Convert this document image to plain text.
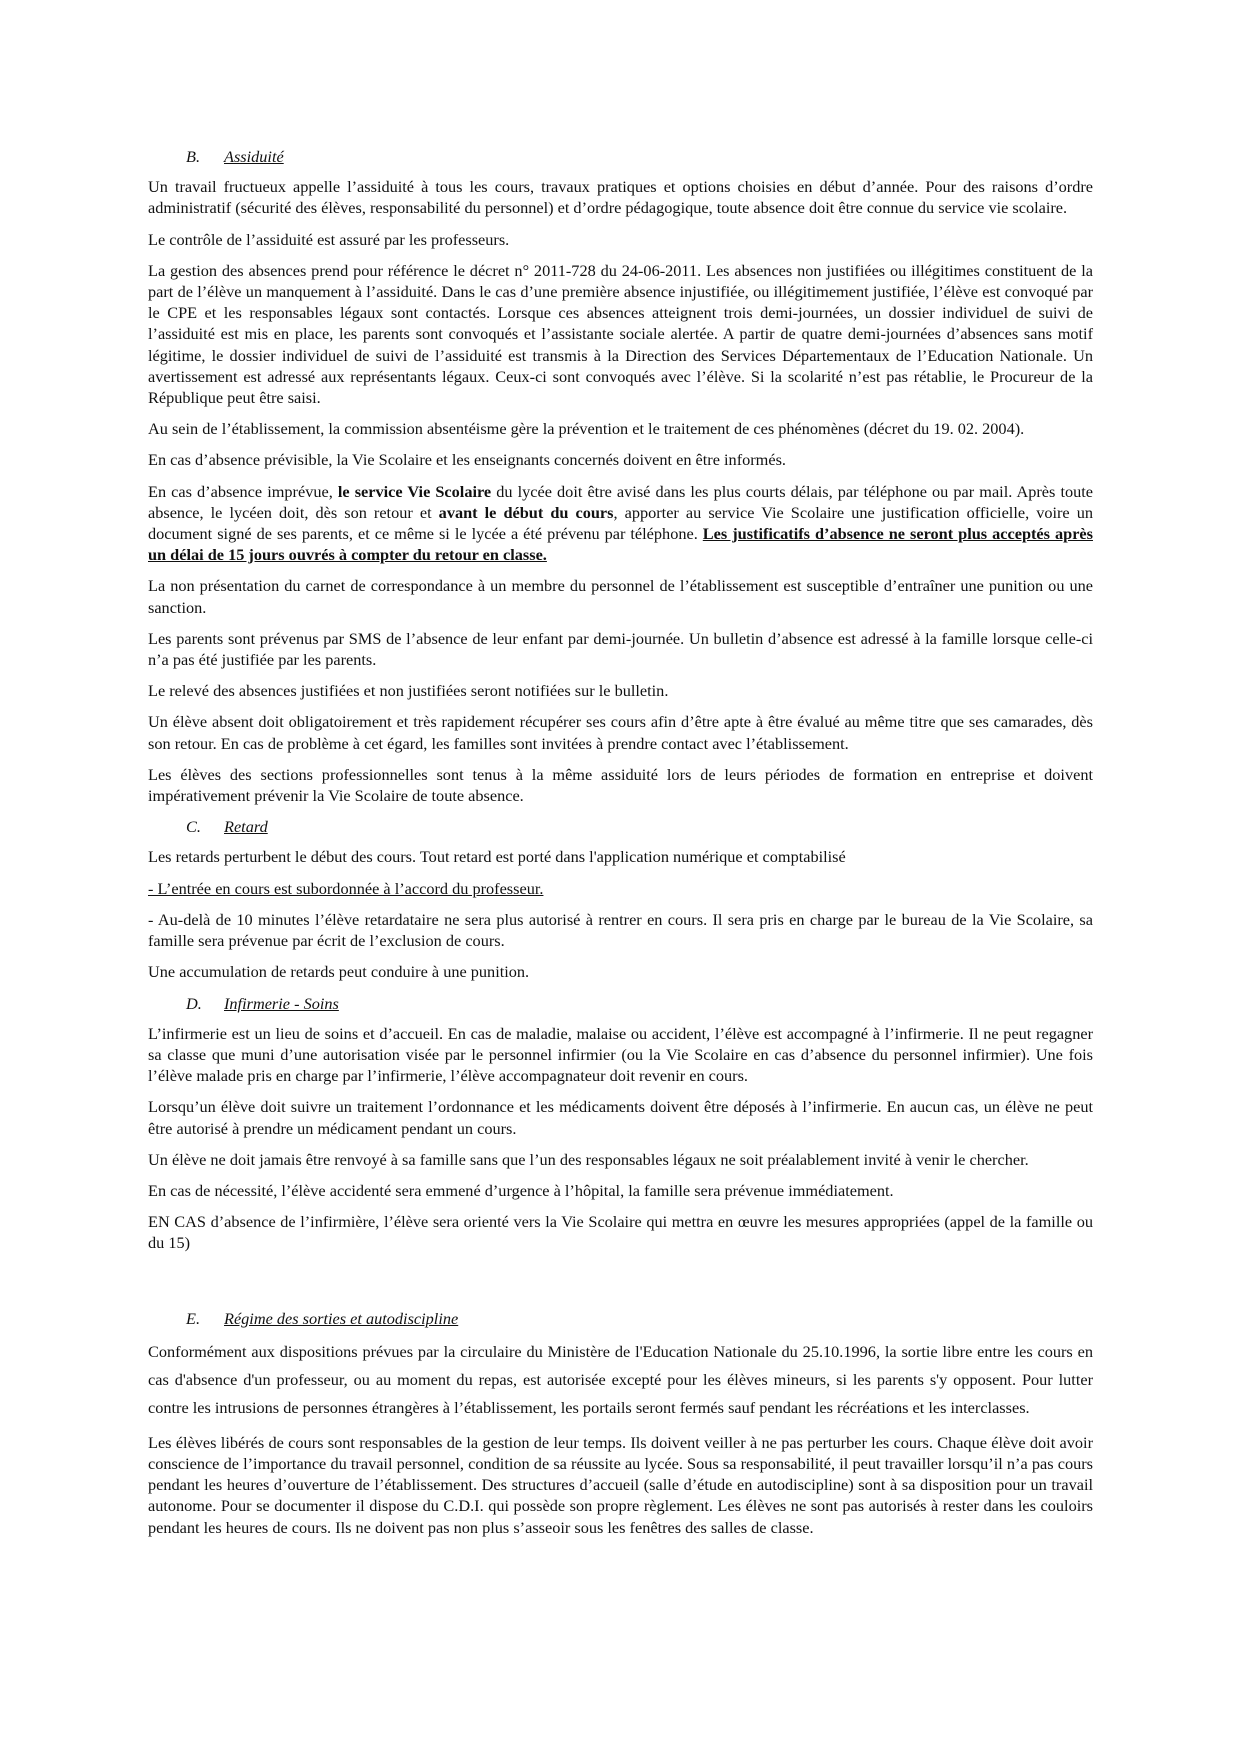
B. Assiduité

Un travail fructueux appelle l’assiduité à tous les cours, travaux pratiques et options choisies en début d’année. Pour des raisons d’ordre administratif (sécurité des élèves, responsabilité du personnel) et d’ordre pédagogique, toute absence doit être connue du service vie scolaire.

Le contrôle de l’assiduité est assuré par les professeurs.

La gestion des absences prend pour référence le décret n° 2011-728 du 24-06-2011. Les absences non justifiées ou illégitimes constituent de la part de l’élève un manquement à l’assiduité. Dans le cas d’une première absence injustifiée, ou illégitimement justifiée, l’élève est convoqué par le CPE et les responsables légaux sont contactés. Lorsque ces absences atteignent trois demi-journées, un dossier individuel de suivi de l’assiduité est mis en place, les parents sont convoqués et l’assistante sociale alertée. A partir de quatre demi-journées d’absences sans motif légitime, le dossier individuel de suivi de l’assiduité est transmis à la Direction des Services Départementaux de l’Education Nationale. Un avertissement est adressé aux représentants légaux. Ceux-ci sont convoqués avec l’élève. Si la scolarité n’est pas rétablie, le Procureur de la République peut être saisi.

Au sein de l’établissement, la commission absentéisme gère la prévention et le traitement de ces phénomènes (décret du 19. 02. 2004).

En cas d’absence prévisible, la Vie Scolaire et les enseignants concernés doivent en être informés.

En cas d’absence imprévue, le service Vie Scolaire du lycée doit être avisé dans les plus courts délais, par téléphone ou par mail. Après toute absence, le lycéen doit, dès son retour et avant le début du cours, apporter au service Vie Scolaire une justification officielle, voire un document signé de ses parents, et ce même si le lycée a été prévenu par téléphone. Les justificatifs d’absence ne seront plus acceptés après un délai de 15 jours ouvrés à compter du retour en classe.

La non présentation du carnet de correspondance à un membre du personnel de l’établissement est susceptible d’entraîner une punition ou une sanction.

Les parents sont prévenus par SMS de l’absence de leur enfant par demi-journée. Un bulletin d’absence est adressé à la famille lorsque celle-ci n’a pas été justifiée par les parents.

Le relevé des absences justifiées et non justifiées seront notifiées sur le bulletin.

Un élève absent doit obligatoirement et très rapidement récupérer ses cours afin d’être apte à être évalué au même titre que ses camarades, dès son retour. En cas de problème à cet égard, les familles sont invitées à prendre contact avec l’établissement.

Les élèves des sections professionnelles sont tenus à la même assiduité lors de leurs périodes de formation en entreprise et doivent impérativement prévenir la Vie Scolaire de toute absence.

C. Retard

Les retards perturbent le début des cours. Tout retard est porté dans l'application numérique et comptabilisé

- L’entrée en cours est subordonnée à l’accord du professeur.

- Au-delà de 10 minutes l’élève retardataire ne sera plus autorisé à rentrer en cours. Il sera pris en charge par le bureau de la Vie Scolaire, sa famille sera prévenue par écrit de l’exclusion de cours.

Une accumulation de retards peut conduire à une punition.

D. Infirmerie - Soins

L’infirmerie est un lieu de soins et d’accueil. En cas de maladie, malaise ou accident, l’élève est accompagné à l’infirmerie. Il ne peut regagner sa classe que muni d’une autorisation visée par le personnel infirmier (ou la Vie Scolaire en cas d’absence du personnel infirmier). Une fois l’élève malade pris en charge par l’infirmerie, l’élève accompagnateur doit revenir en cours.

Lorsqu’un élève doit suivre un traitement l’ordonnance et les médicaments doivent être déposés à l’infirmerie. En aucun cas, un élève ne peut être autorisé à prendre un médicament pendant un cours.

Un élève ne doit jamais être renvoyé à sa famille sans que l’un des responsables légaux ne soit préalablement invité à venir le chercher.

En cas de nécessité, l’élève accidenté sera emmené d’urgence à l’hôpital, la famille sera prévenue immédiatement.

EN CAS d’absence de l’infirmière, l’élève sera orienté vers la Vie Scolaire qui mettra en œuvre les mesures appropriées (appel de la famille ou du 15)

E. Régime des sorties et autodiscipline

Conformément aux dispositions prévues par la circulaire du Ministère de l'Education Nationale du 25.10.1996, la sortie libre entre les cours en cas d'absence d'un professeur, ou au moment du repas, est autorisée excepté pour les élèves mineurs, si les parents s'y opposent. Pour lutter contre les intrusions de personnes étrangères à l’établissement, les portails seront fermés sauf pendant les récréations et les interclasses.

Les élèves libérés de cours sont responsables de la gestion de leur temps. Ils doivent veiller à ne pas perturber les cours. Chaque élève doit avoir conscience de l’importance du travail personnel, condition de sa réussite au lycée. Sous sa responsabilité, il peut travailler lorsqu’il n’a pas cours pendant les heures d’ouverture de l’établissement. Des structures d’accueil (salle d’étude en autodiscipline) sont à sa disposition pour un travail autonome. Pour se documenter il dispose du C.D.I. qui possède son propre règlement. Les élèves ne sont pas autorisés à rester dans les couloirs pendant les heures de cours. Ils ne doivent pas non plus s’asseoir sous les fenêtres des salles de classe.
